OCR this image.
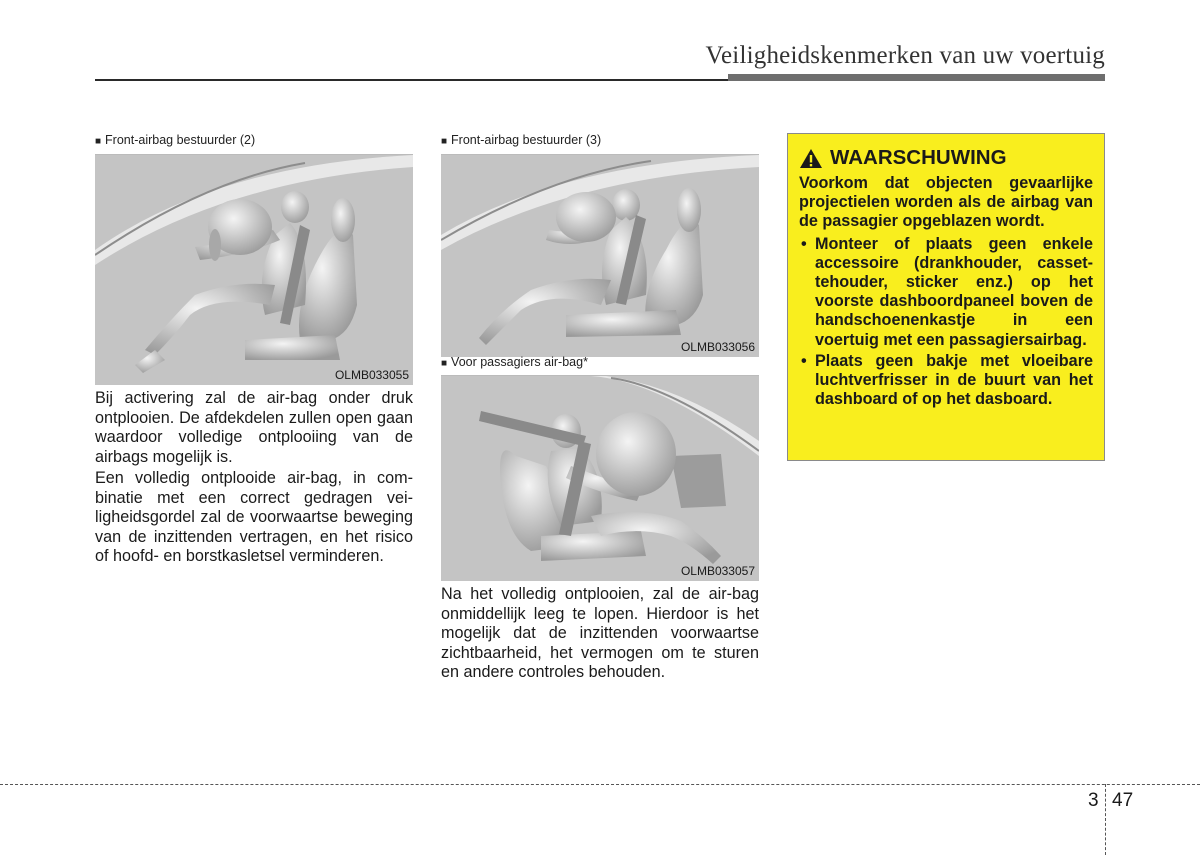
Veiligheidskenmerken van uw voertuig
■ Front-airbag bestuurder (2)
OLMB033055
■ Front-airbag bestuurder (3)
OLMB033056
■ Voor passagiers air-bag*
OLMB033057

Bij activering zal de air-bag onder druk ontplooien. De afdekdelen zullen open gaan waardoor volledige ontplooiing van de airbags mogelijk is.

Een volledig ontplooide air-bag, in combinatie met een correct gedragen veiligheidsgordel zal de voorwaartse beweging van de inzittenden vertragen, en het risico of hoofd- en borstkasletsel verminderen.

Na het volledig ontplooien, zal de air-bag onmiddellijk leeg te lopen. Hierdoor is het mogelijk dat de inzittenden voorwaartse zichtbaarheid, het vermogen om te sturen en andere controles behouden.

WAARSCHUWING

Voorkom dat objecten gevaarlijke projectielen worden als de airbag van de passagier opgeblazen wordt.

• Monteer of plaats geen enkele accessoire (drankhouder, cassettehouder, sticker enz.) op het voorste dashboordpaneel boven de handschoenenkastje in een voertuig met een passagiersairbag.
• Plaats geen bakje met vloeibare luchtverfrisser in de buurt van het dashboard of op het dasboard.
3 47
